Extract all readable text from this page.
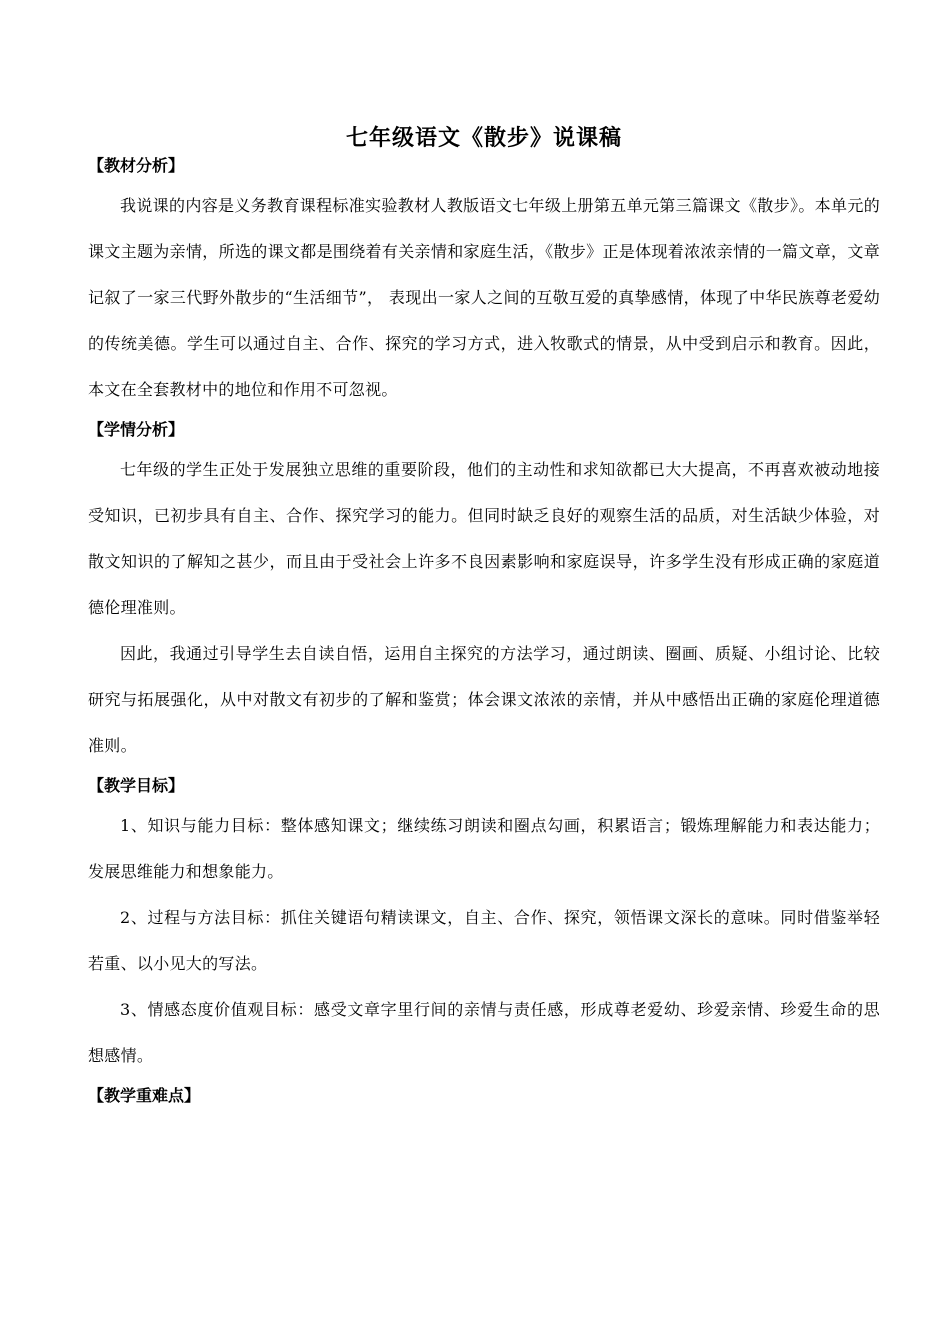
七年级语文《散步》说课稿
【教材分析】

我说课的内容是义务教育课程标准实验教材人教版语文七年级上册第五单元第三篇课文《散步》。本单元的课文主题为亲情，所选的课文都是围绕着有关亲情和家庭生活，《散步》正是体现着浓浓亲情的一篇文章，文章记叙了一家三代野外散步的“生活细节”， 表现出一家人之间的互敬互爱的真挚感情，体现了中华民族尊老爱幼的传统美德。学生可以通过自主、合作、探究的学习方式，进入牧歌式的情景，从中受到启示和教育。因此，本文在全套教材中的地位和作用不可忽视。

【学情分析】

七年级的学生正处于发展独立思维的重要阶段，他们的主动性和求知欲都已大大提高，不再喜欢被动地接受知识，已初步具有自主、合作、探究学习的能力。但同时缺乏良好的观察生活的品质，对生活缺少体验，对散文知识的了解知之甚少，而且由于受社会上许多不良因素影响和家庭误导，许多学生没有形成正确的家庭道德伦理准则。

因此，我通过引导学生去自读自悟，运用自主探究的方法学习，通过朗读、圈画、质疑、小组讨论、比较研究与拓展强化，从中对散文有初步的了解和鉴赏；体会课文浓浓的亲情，并从中感悟出正确的家庭伦理道德准则。

【教学目标】

1、知识与能力目标：整体感知课文；继续练习朗读和圈点勾画，积累语言；锻炼理解能力和表达能力；发展思维能力和想象能力。

2、过程与方法目标：抓住关键语句精读课文，自主、合作、探究，领悟课文深长的意味。同时借鉴举轻若重、以小见大的写法。

3、情感态度价值观目标：感受文章字里行间的亲情与责任感，形成尊老爱幼、珍爱亲情、珍爱生命的思想感情。

【教学重难点】
